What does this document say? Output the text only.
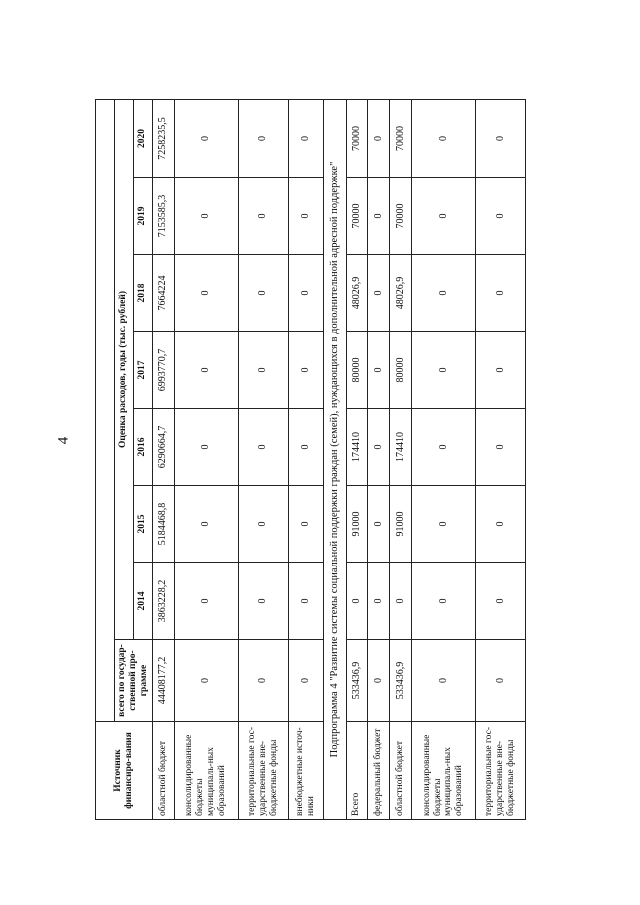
4
Источник финансиро-вания								
	всего по государ-ственной про-грамме	Оценка расходов, годы (тыс. рублей)						
		2014	2015	2016	2017	2018	2019	2020
областной бюджет	44408177,2	3863228,2	5184468,8	6290664,7	6993770,7	7664224	7153585,3	7258235,5
консолидированные бюджеты муниципаль-ных образований	0	0	0	0	0	0	0	0
территориальные гос-ударственные вне-бюджетные фонды	0	0	0	0	0	0	0	0
внебюджетные источ-ники	0	0	0	0	0	0	0	0
Подпрограмма 4 "Развитие системы социальной поддержки граждан (семей), нуждающихся в дополнительной адресной поддержке"								
Всего	533436,9	0	91000	174410	80000	48026,9	70000	70000
федеральный бюджет	0	0	0	0	0	0	0	0
областной бюджет	533436,9	0	91000	174410	80000	48026,9	70000	70000
консолидированные бюджеты муниципаль-ных образований	0	0	0	0	0	0	0	0
территориальные гос-ударственные вне-бюджетные фонды	0	0	0	0	0	0	0	0
